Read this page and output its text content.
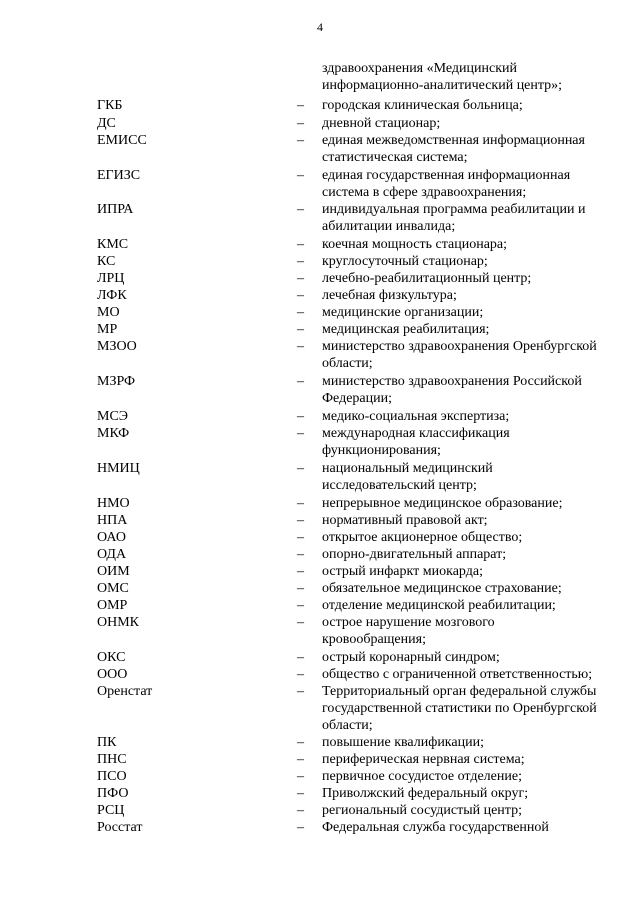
4
здравоохранения «Медицинский
информационно-аналитический центр»;
ГКБ	– городская клиническая больница;
ДС	– дневной стационар;
ЕМИСС	– единая межведомственная информационная
статистическая система;
ЕГИЗС	– единая государственная информационная
система в сфере здравоохранения;
ИПРА	– индивидуальная программа реабилитации и
абилитации инвалида;
КМС	– коечная мощность стационара;
КС	– круглосуточный стационар;
ЛРЦ	– лечебно-реабилитационный центр;
ЛФК	– лечебная физкультура;
МО	– медицинские организации;
МР	– медицинская реабилитация;
МЗОО	– министерство здравоохранения Оренбургской
области;
МЗРФ	– министерство здравоохранения Российской
Федерации;
МСЭ	– медико-социальная экспертиза;
МКФ	– международная классификация
функционирования;
НМИЦ	– национальный медицинский
исследовательский центр;
НМО	– непрерывное медицинское образование;
НПА	– нормативный правовой акт;
ОАО	– открытое акционерное общество;
ОДА	– опорно-двигательный аппарат;
ОИМ	– острый инфаркт миокарда;
ОМС	– обязательное медицинское страхование;
ОМР	– отделение медицинской реабилитации;
ОНМК	– острое нарушение мозгового
кровообращения;
ОКС	– острый коронарный синдром;
ООО	– общество с ограниченной ответственностью;
Оренстат	– Территориальный орган федеральной службы
государственной статистики по Оренбургской
области;
ПК	– повышение квалификации;
ПНС	– периферическая нервная система;
ПСО	– первичное сосудистое отделение;
ПФО	– Приволжский федеральный округ;
РСЦ	– региональный сосудистый центр;
Росстат	– Федеральная служба государственной
